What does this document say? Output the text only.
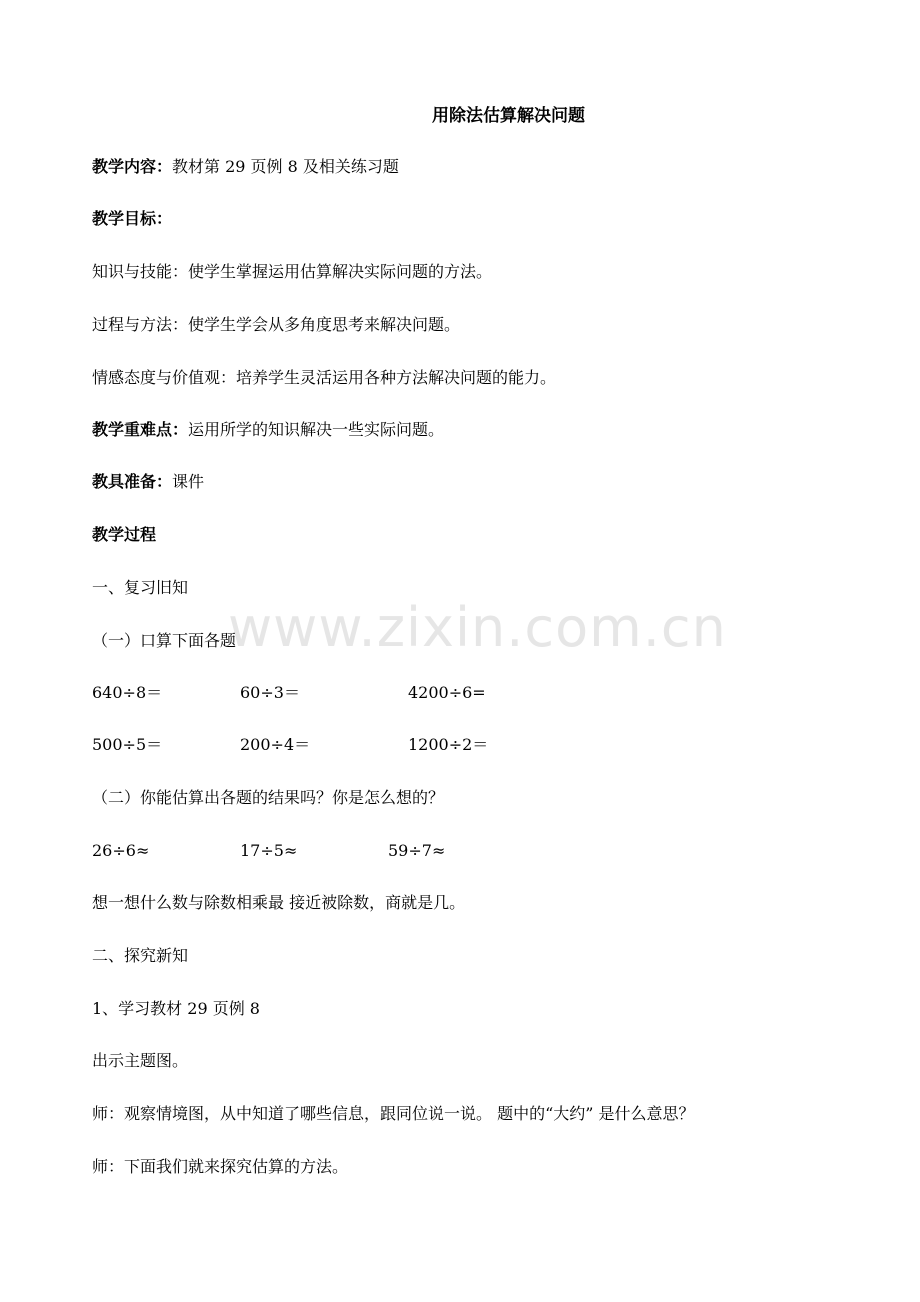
用除法估算解决问题
教学内容：教材第 29 页例 8 及相关练习题
教学目标：
知识与技能：使学生掌握运用估算解决实际问题的方法。
过程与方法：使学生学会从多角度思考来解决问题。
情感态度与价值观：培养学生灵活运用各种方法解决问题的能力。
教学重难点：运用所学的知识解决一些实际问题。
教具准备：课件
教学过程
一、复习旧知
（一）口算下面各题
640÷8＝	60÷3＝	4200÷6=
500÷5＝	200÷4＝	1200÷2＝
（二）你能估算出各题的结果吗？你是怎么想的？
26÷6≈	17÷5≈	59÷7≈
想一想什么数与除数相乘最 接近被除数，商就是几。
二、探究新知
1、学习教材 29 页例 8
出示主题图。
师：观察情境图，从中知道了哪些信息，跟同位说一说。 题中的“大约” 是什么意思？
师：下面我们就来探究估算的方法。
www.zixin.com.cn
